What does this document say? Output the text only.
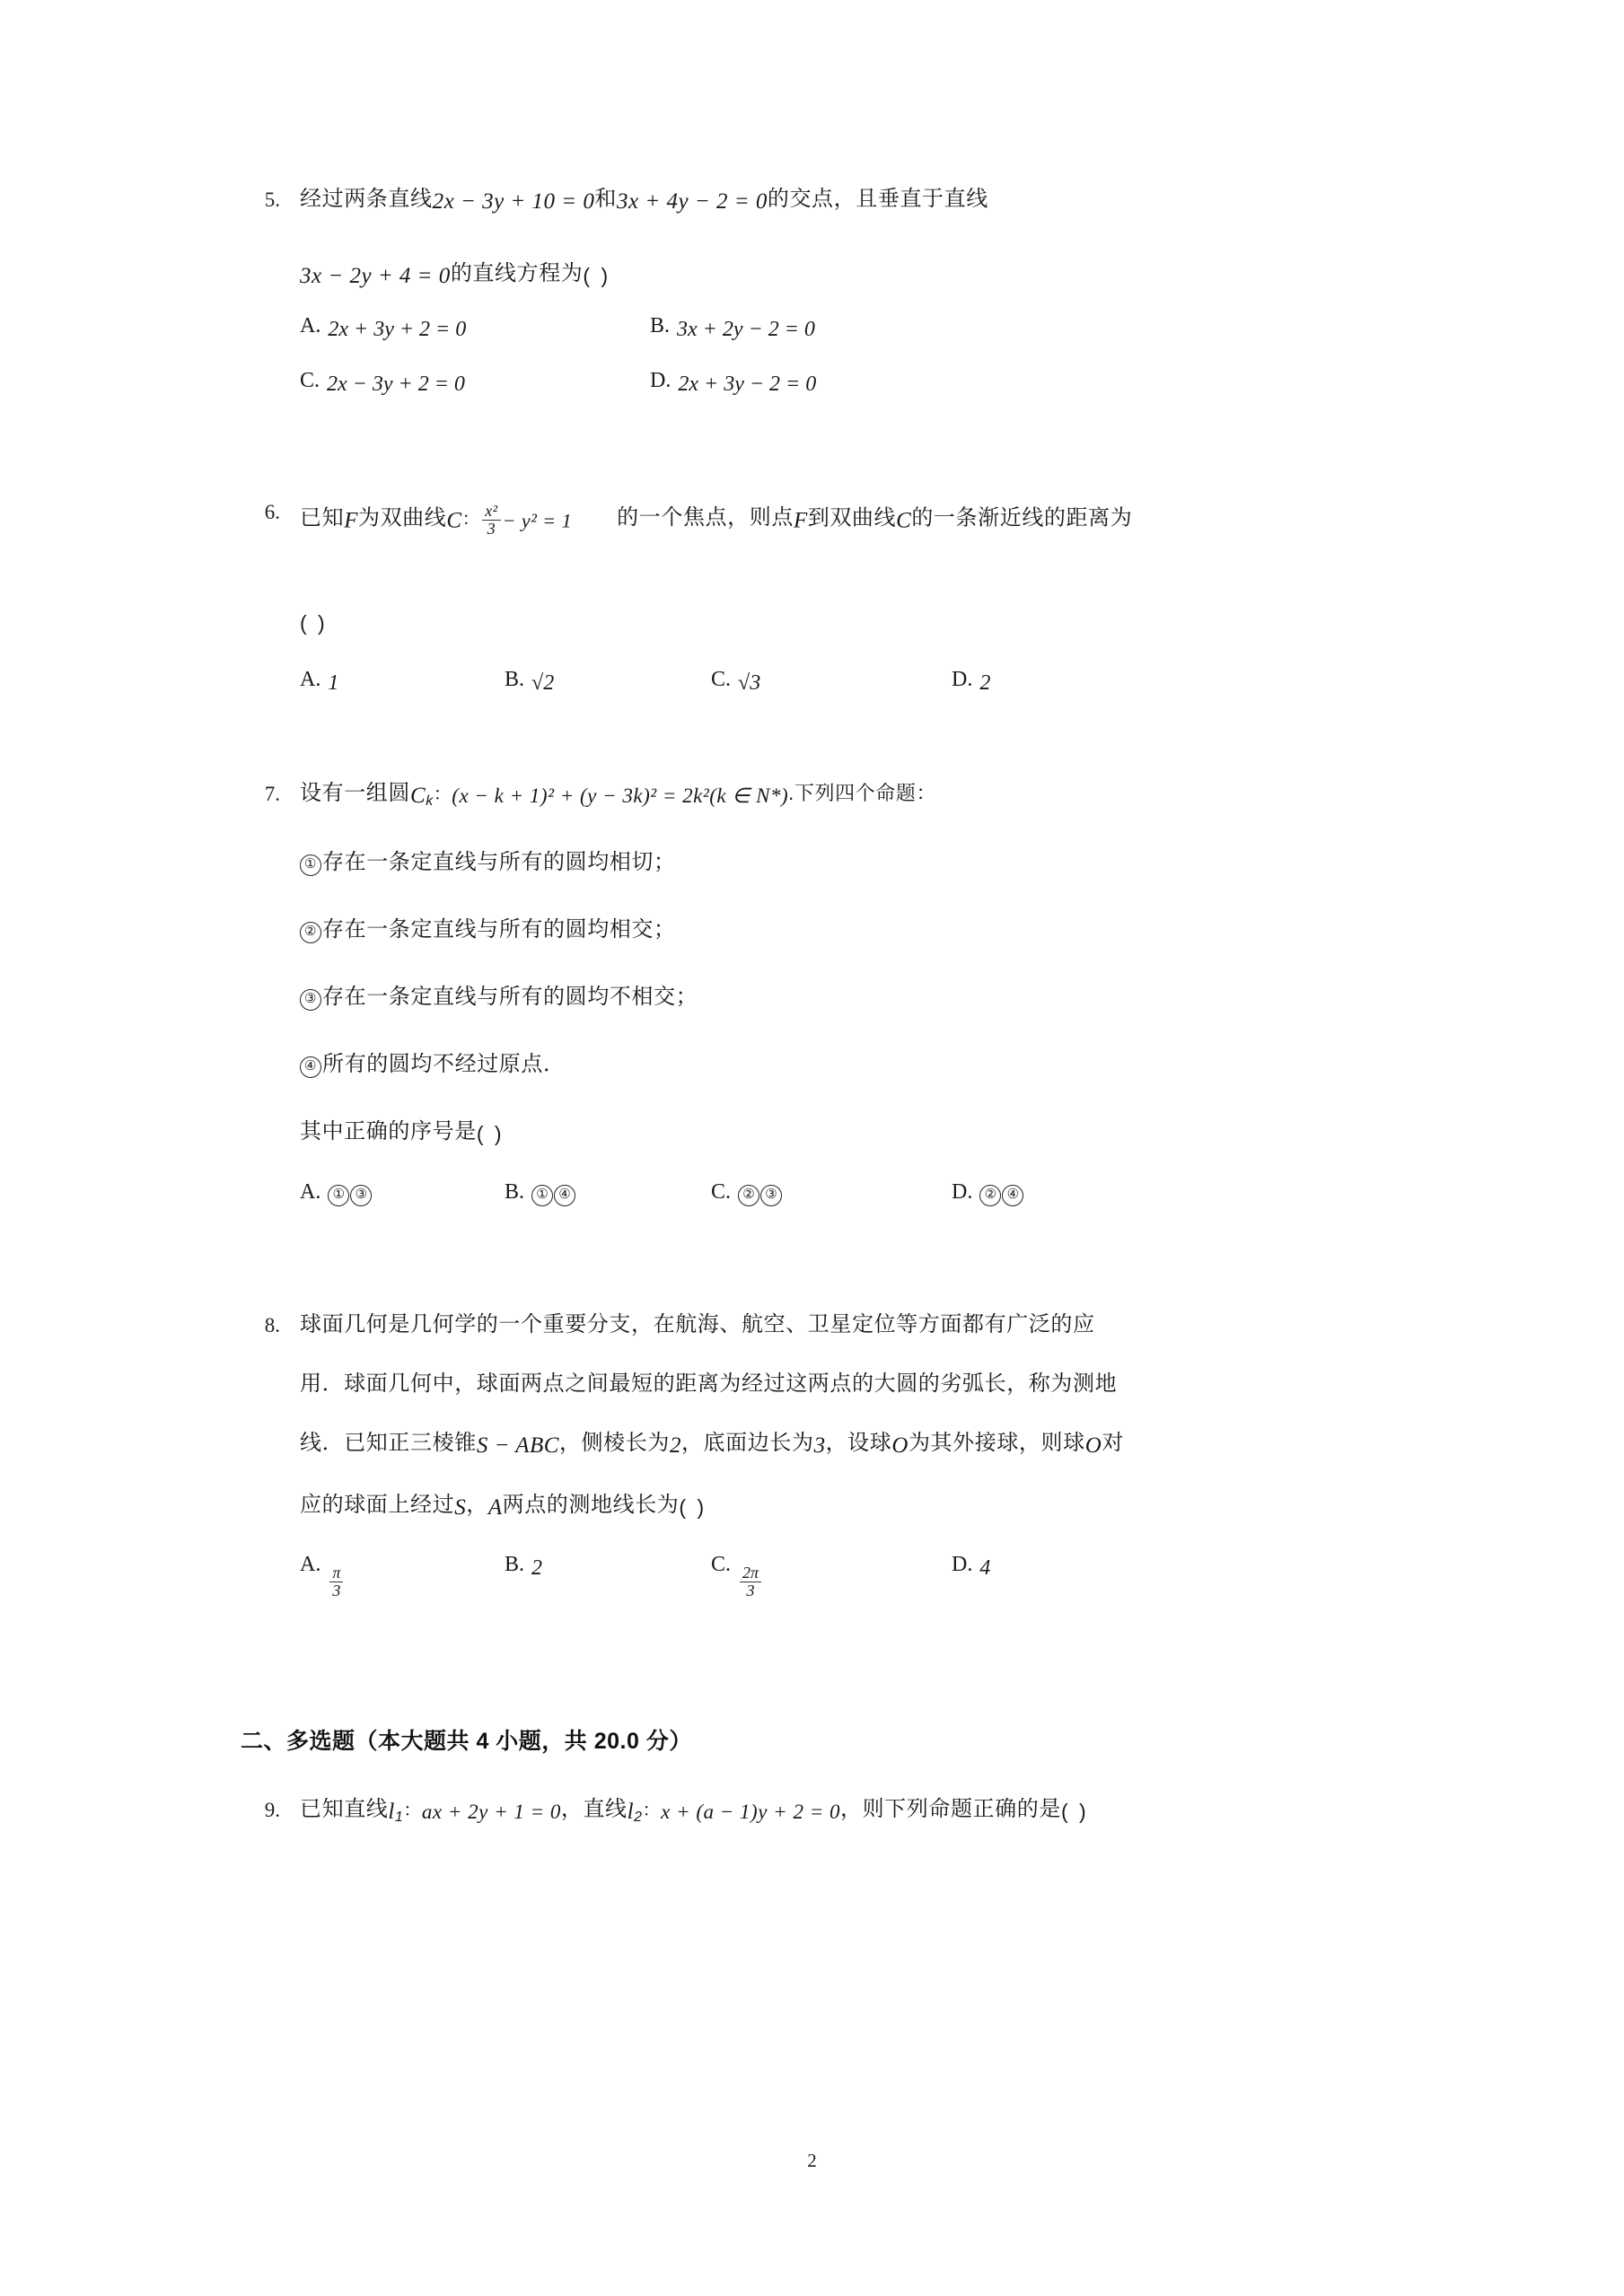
5. 经过两条直线2x − 3y + 10 = 0和3x + 4y − 2 = 0的交点，且垂直于直线
3x − 2y + 4 = 0的直线方程为( )
A. 2x + 3y + 2 = 0	B. 3x + 2y − 2 = 0
C. 2x − 3y + 2 = 0	D. 2x + 3y − 2 = 0
6. 已知F为双曲线C： $\frac{\text{x²}}{3} - y^2 = 1$ 的一个焦点，则点F到双曲线C的一条渐近线的距离为
( )
A. 1	B. √2	C. √3	D. 2
7. 设有一组圆$C_k$：(x − k + 1)² + (y − 3k)² = 2k²(k ∈ N*).下列四个命题：
① 存在一条定直线与所有的圆均相切；
② 存在一条定直线与所有的圆均相交；
③ 存在一条定直线与所有的圆均不相交；
④ 所有的圆均不经过原点．
其中正确的序号是( )
A. ① ③	B. ① ④	C. ② ③	D. ② ④
8. 球面几何是几何学的一个重要分支，在航海、航空、卫星定位等方面都有广泛的应
用．球面几何中，球面两点之间最短的距离为经过这两点的大圆的劣弧长，称为测地
线．已知正三棱锥S − ABC，侧棱长为2，底面边长为3，设球O为其外接球，则球O对
应的球面上经过S，A两点的测地线长为( )
A. $\frac{\pi}{3}$	B. 2	C. $\frac{2\pi}{3}$	D. 4
二、多选题（本大题共 4 小题，共 20.0 分）
9. 已知直线$l_1$：ax + 2y + 1 = 0，直线$l_2$：x + (a − 1)y + 2 = 0，则下列命题正确的是( )
2
